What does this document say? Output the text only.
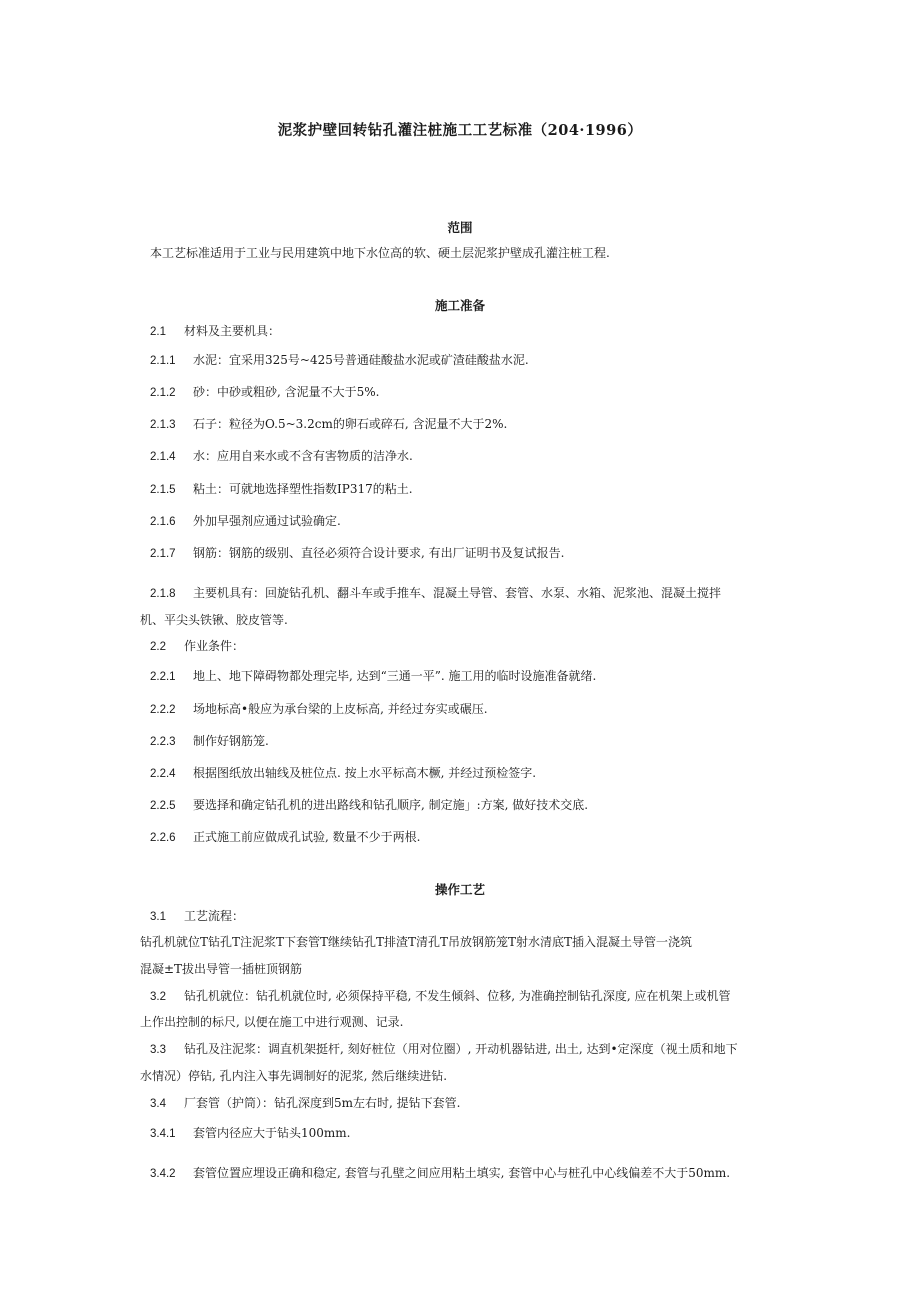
泥浆护壁回转钻孔灌注桩施工工艺标准（204·1996）
范围
本工艺标准适用于工业与民用建筑中地下水位高的软、硬土层泥浆护壁成孔灌注桩工程.
施工准备
2.1 材料及主要机具：
2.1.1 水泥：宜采用325号~425号普通硅酸盐水泥或矿渣硅酸盐水泥.
2.1.2 砂：中砂或粗砂, 含泥量不大于5%.
2.1.3 石子：粒径为O.5~3.2cm的卵石或碎石, 含泥量不大于2%.
2.1.4 水：应用自来水或不含有害物质的洁净水.
2.1.5 粘土：可就地选择塑性指数IP317的粘土.
2.1.6 外加早强剂应通过试验确定.
2.1.7 钢筋：钢筋的级别、直径必须符合设计要求, 有出厂证明书及复试报告.
2.1.8 主要机具有：回旋钻孔机、翻斗车或手推车、混凝土导管、套管、水泵、水箱、泥浆池、混凝土搅拌
机、平尖头铁锹、胶皮管等.
2.2 作业条件：
2.2.1 地上、地下障碍物都处理完毕, 达到“三通一平”. 施工用的临时设施准备就绪.
2.2.2 场地标高•般应为承台梁的上皮标高, 并经过夯实或碾压.
2.2.3 制作好钢筋笼.
2.2.4 根据图纸放出轴线及桩位点. 按上水平标高木橛, 并经过预检签字.
2.2.5 要选择和确定钻孔机的进出路线和钻孔顺序, 制定施」:方案, 做好技术交底.
2.2.6 正式施工前应做成孔试验, 数量不少于两根.
操作工艺
3.1 工艺流程：
钻孔机就位T钻孔T注泥浆T下套管T继续钻孔T排渣T清孔T吊放钢筋笼T射水清底T插入混凝土导管一浇筑
混凝±T拔出导管一插桩顶钢筋
3.2 钻孔机就位：钻孔机就位时, 必须保持平稳, 不发生倾斜、位移, 为准确控制钻孔深度, 应在机架上或机管
上作出控制的标尺, 以便在施工中进行观测、记录.
3.3 钻孔及注泥浆：调直机架挺杆, 刻好桩位（用对位圈）, 开动机器钻进, 出土, 达到•定深度（视土质和地下
水情况）停钻, 孔内注入事先调制好的泥浆, 然后继续进钻.
3.4 厂套管（护筒）：钻孔深度到5m左右时, 提钻下套管.
3.4.1 套管内径应大于钻头100mm.
3.4.2 套管位置应埋设正确和稳定, 套管与孔壁之间应用粘土填实, 套管中心与桩孔中心线偏差不大于50mm.
